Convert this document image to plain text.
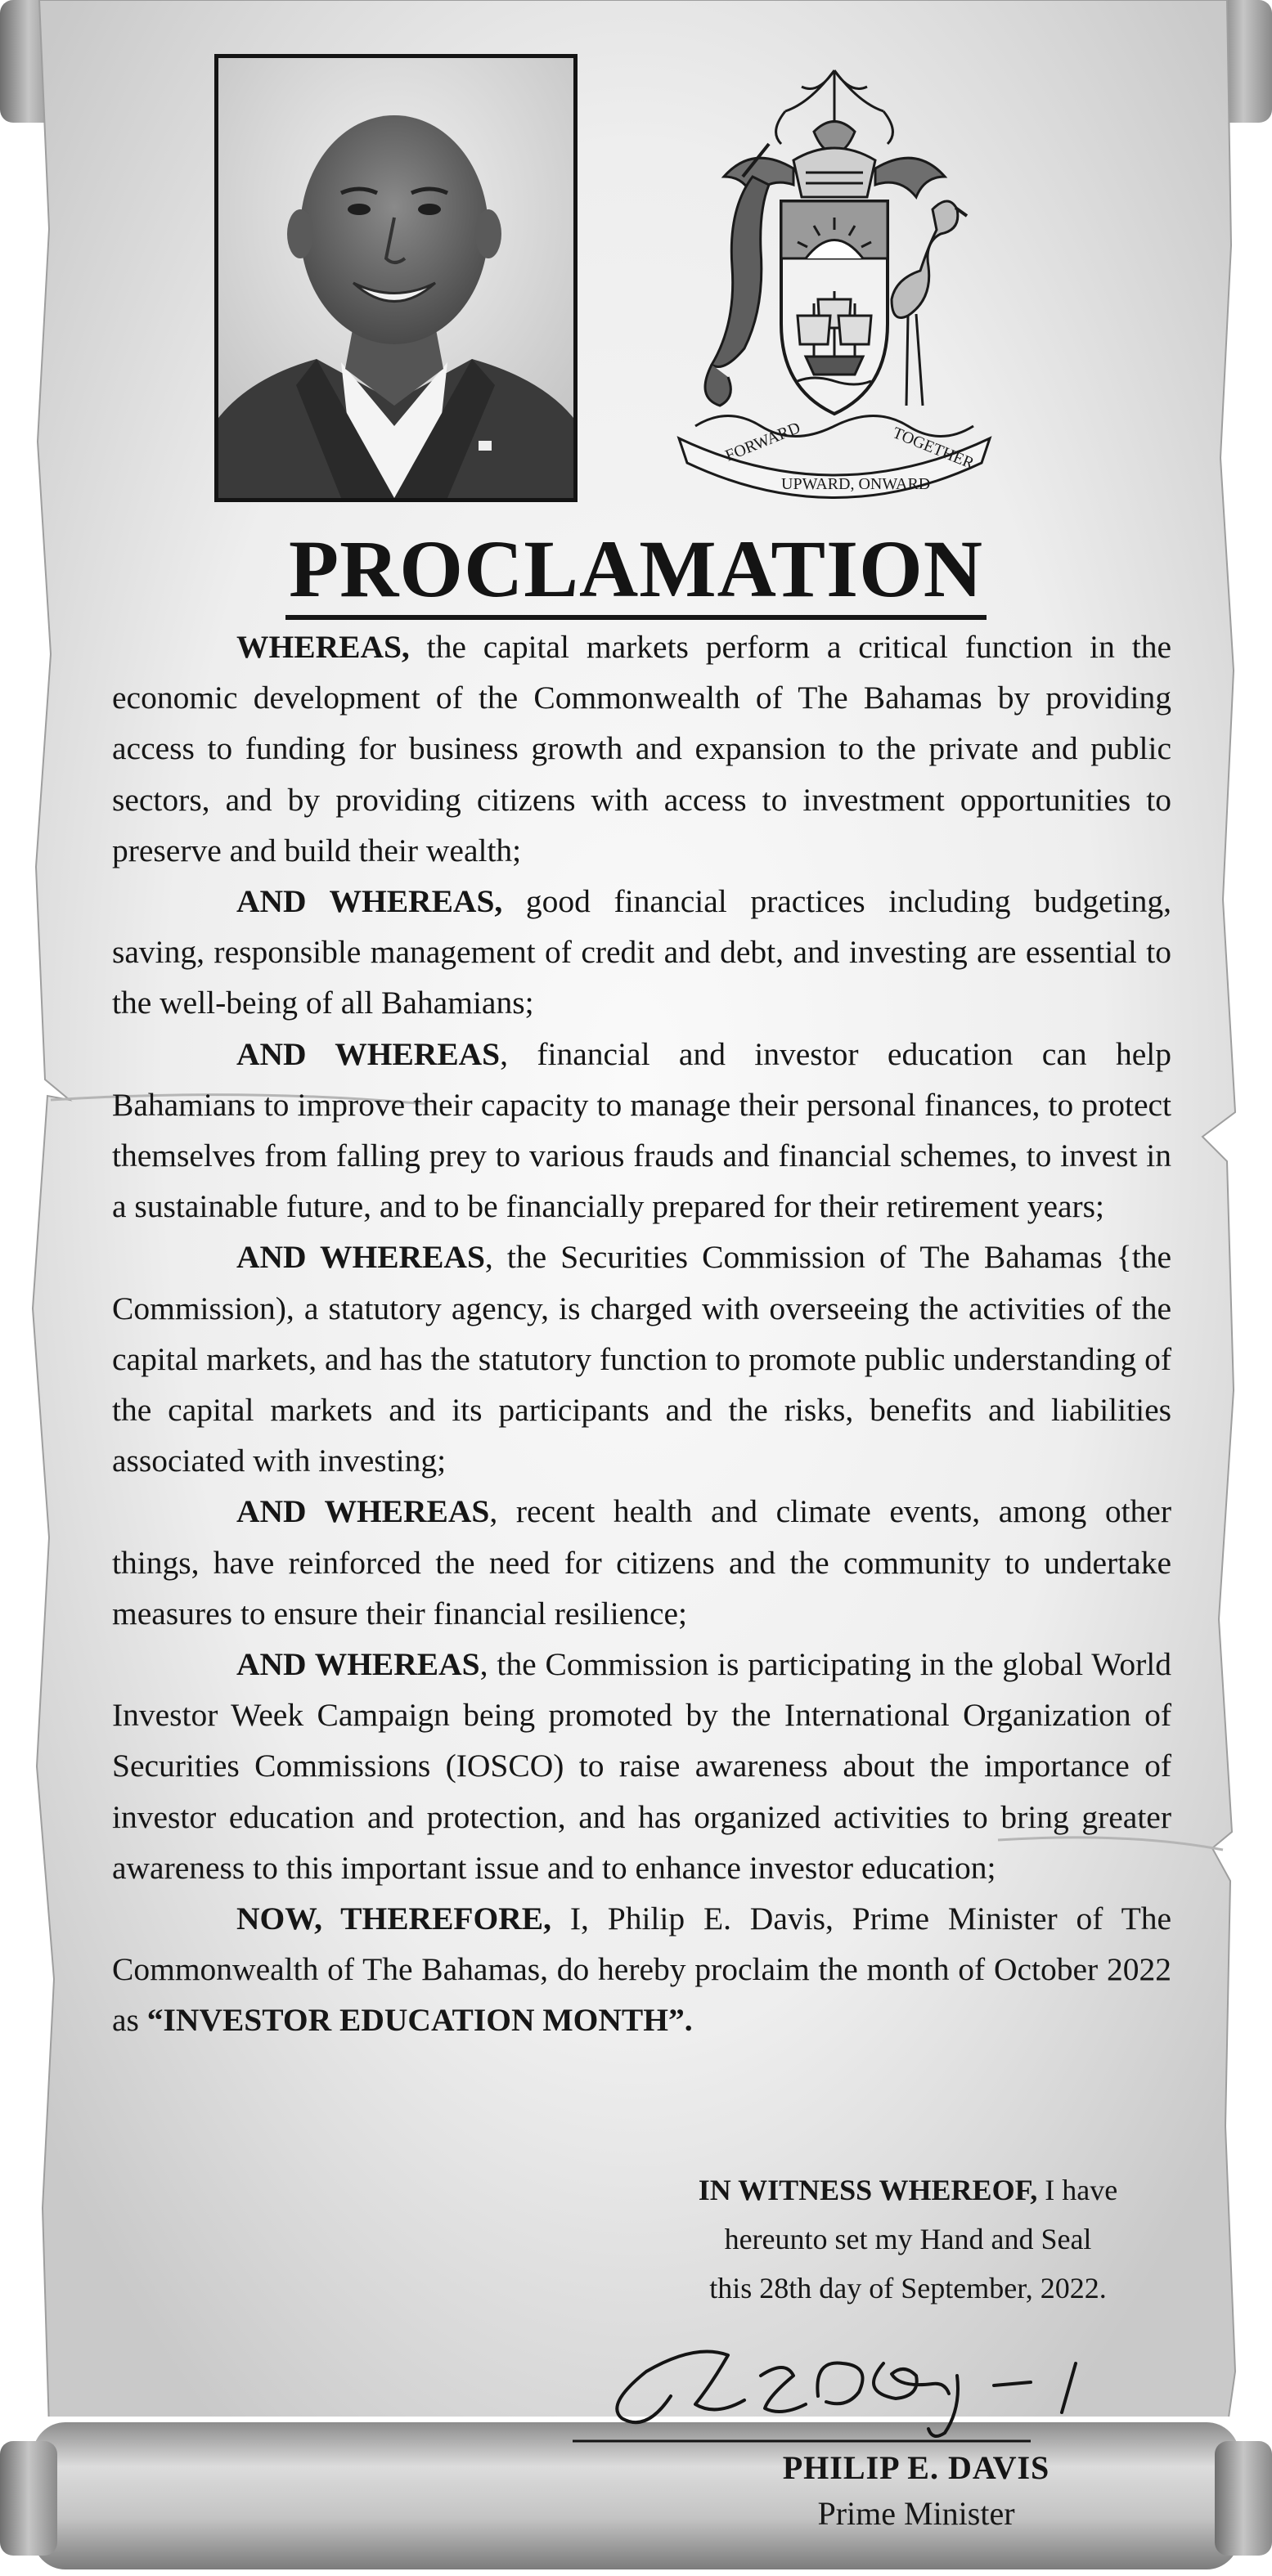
FORWARD	TOGETHER
UPWARD, ONWARD
PROCLAMATION

WHEREAS, the capital markets perform a critical function in the economic development of the Commonwealth of The Bahamas by providing access to funding for business growth and expansion to the private and public sectors, and by providing citizens with access to investment opportunities to preserve and build their wealth;

AND WHEREAS, good financial practices including budgeting, saving, responsible management of credit and debt, and investing are essential to the well-being of all Bahamians;

AND WHEREAS, financial and investor education can help Bahamians to improve their capacity to manage their personal finances, to protect themselves from falling prey to various frauds and financial schemes, to invest in a sustainable future, and to be financially prepared for their retirement years;

AND WHEREAS, the Securities Commission of The Bahamas {the Commission), a statutory agency, is charged with overseeing the activities of the capital markets, and has the statutory function to promote public understanding of the capital markets and its participants and the risks, benefits and liabilities associated with investing;

AND WHEREAS, recent health and climate events, among other things, have reinforced the need for citizens and the community to undertake measures to ensure their financial resilience;

AND WHEREAS, the Commission is participating in the global World Investor Week Campaign being promoted by the International Organization of Securities Commissions (IOSCO) to raise awareness about the importance of investor education and protection, and has organized activities to bring greater awareness to this important issue and to enhance investor education;

NOW, THEREFORE, I, Philip E. Davis, Prime Minister of The Commonwealth of The Bahamas, do hereby proclaim the month of October 2022 as “INVESTOR EDUCATION MONTH”.

IN WITNESS WHEREOF, I have

hereunto set my Hand and Seal

this 28th day of September, 2022.

PHILIP E. DAVIS
Prime Minister
